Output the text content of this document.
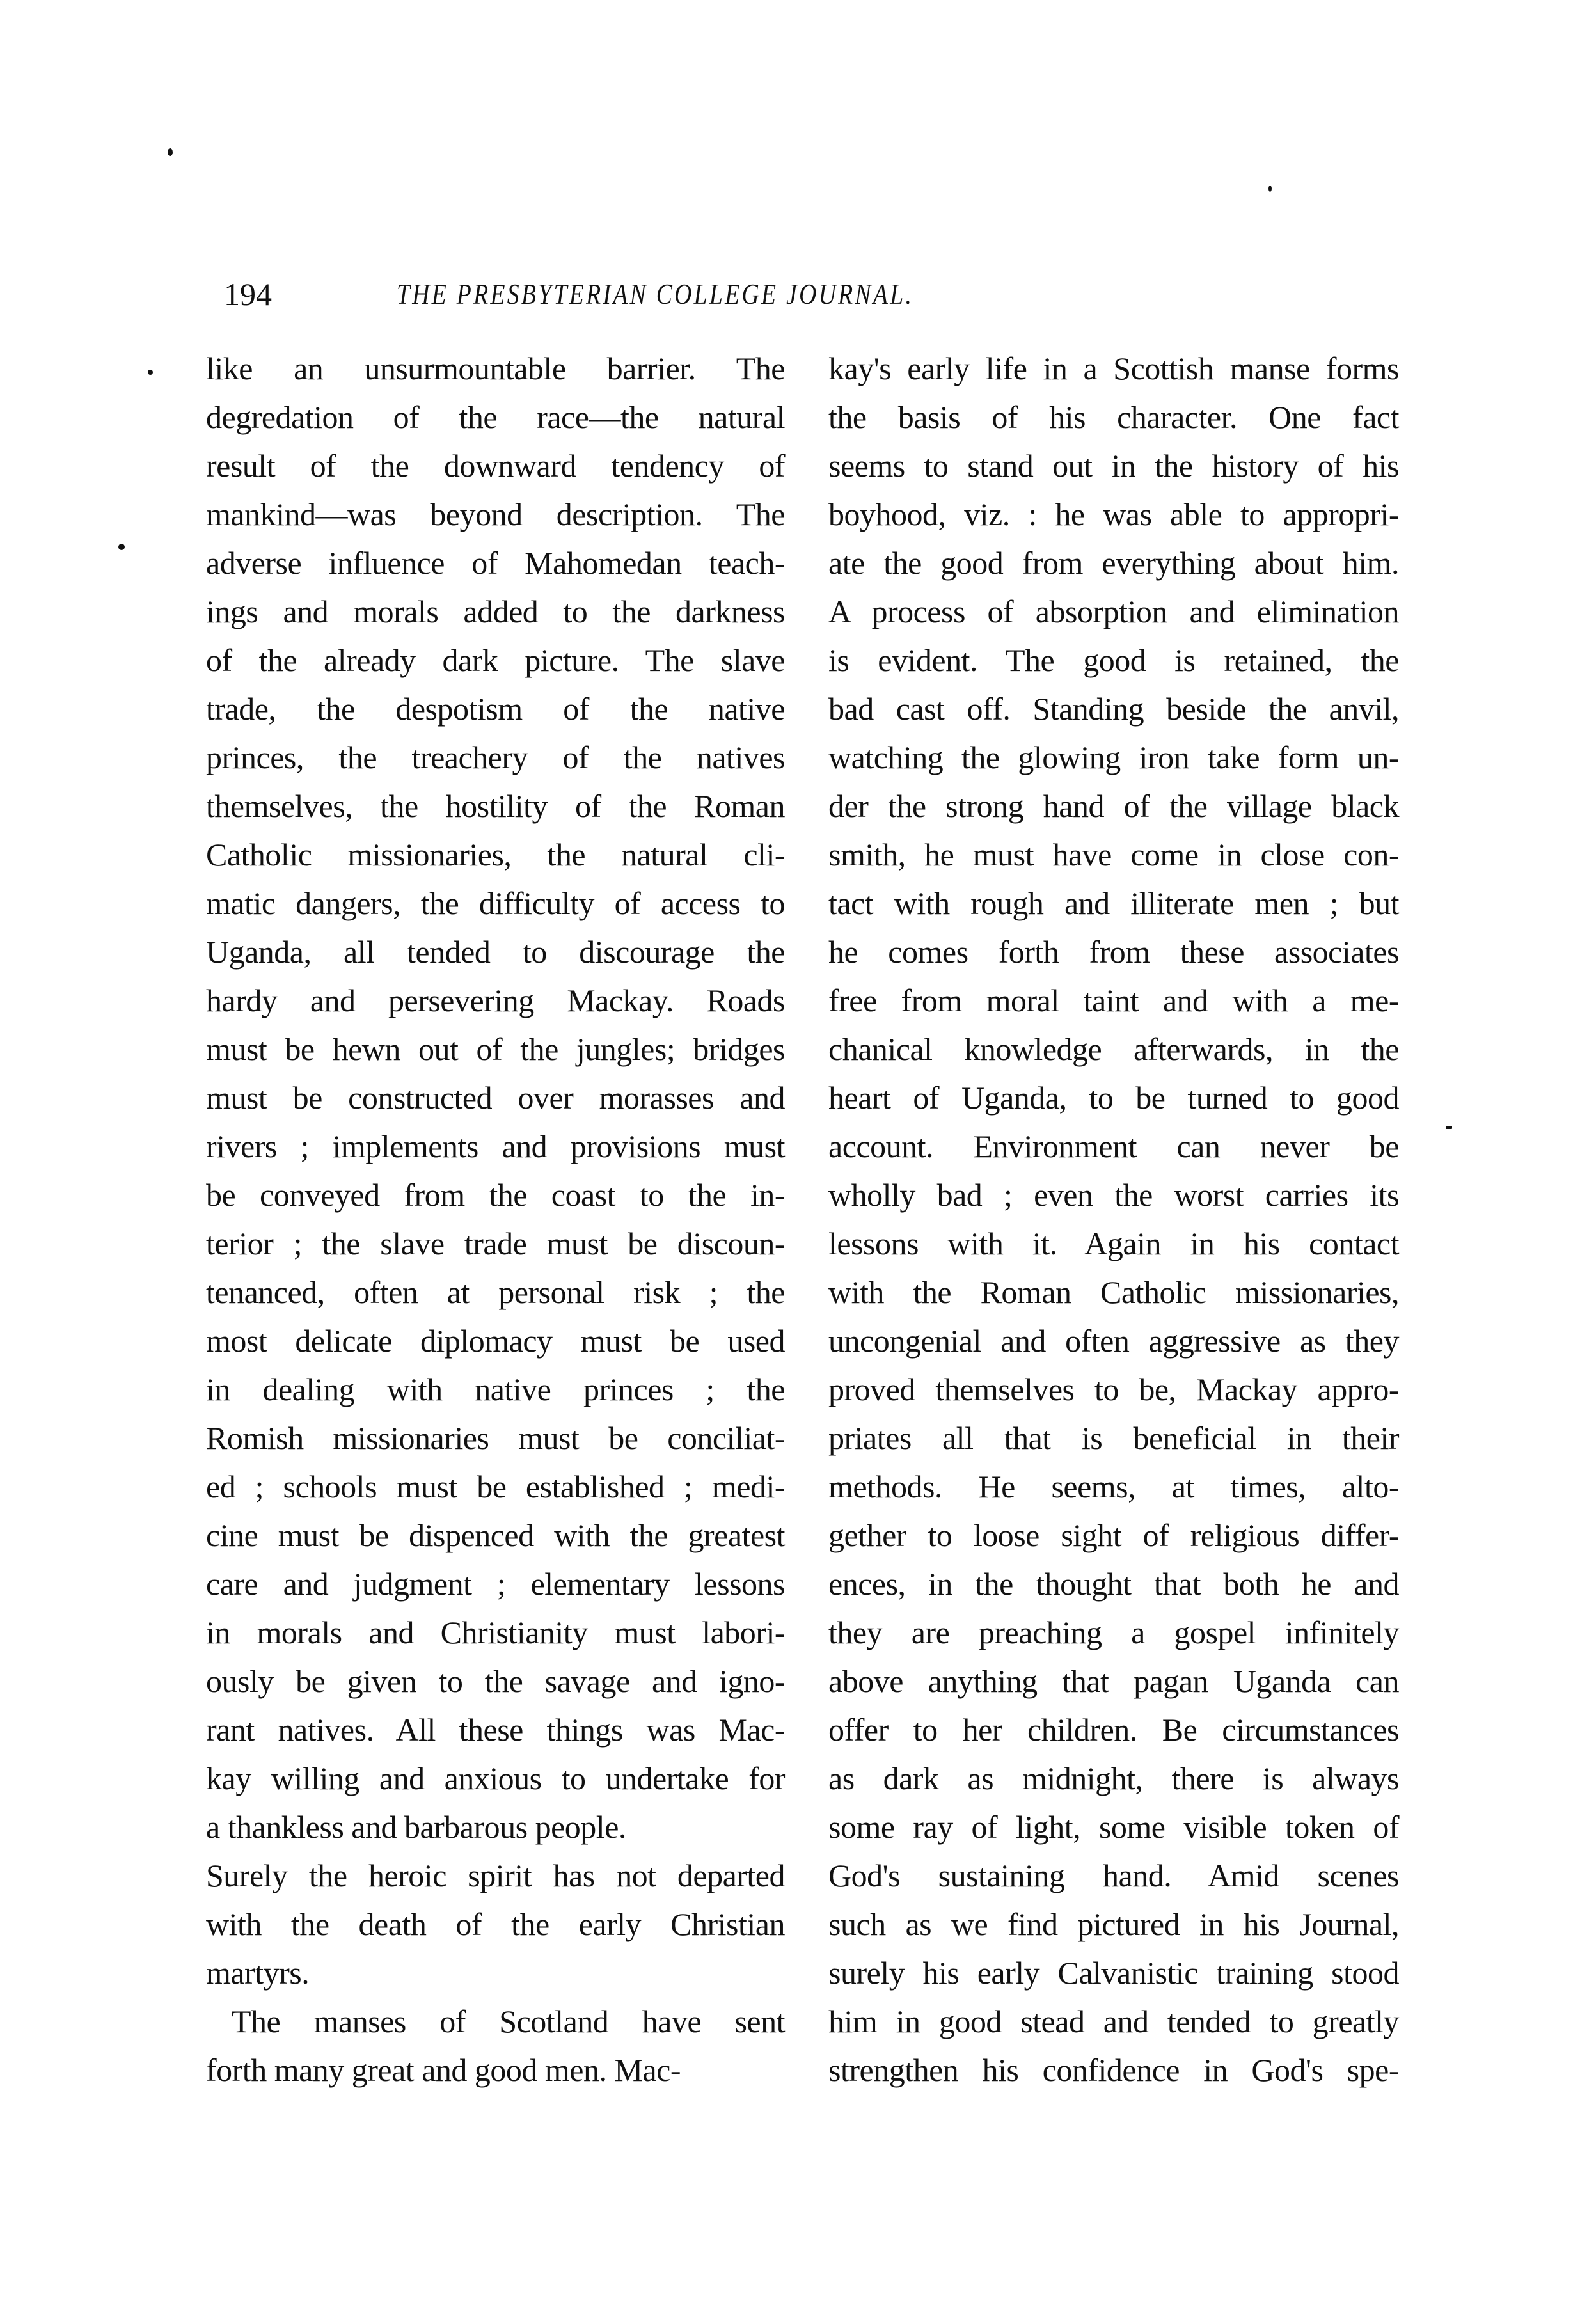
194	THE PRESBYTERIAN COLLEGE JOURNAL.
like an unsurmountable barrier. The
degredation of the race—the natural
result of the downward tendency of
mankind—was beyond description. The
adverse influence of Mahomedan teach-
ings and morals added to the darkness
of the already dark picture. The slave
trade, the despotism of the native
princes, the treachery of the natives
themselves, the hostility of the Roman
Catholic missionaries, the natural cli-
matic dangers, the difficulty of access to
Uganda, all tended to discourage the
hardy and persevering Mackay. Roads
must be hewn out of the jungles; bridges
must be constructed over morasses and
rivers ; implements and provisions must
be conveyed from the coast to the in-
terior ; the slave trade must be discoun-
tenanced, often at personal risk ; the
most delicate diplomacy must be used
in dealing with native princes ; the
Romish missionaries must be conciliat-
ed ; schools must be established ; medi-
cine must be dispenced with the greatest
care and judgment ; elementary lessons
in morals and Christianity must labori-
ously be given to the savage and igno-
rant natives. All these things was Mac-
kay willing and anxious to undertake for
a thankless and barbarous people.
Surely the heroic spirit has not departed
with the death of the early Christian
martyrs.
The manses of Scotland have sent
forth many great and good men. Mac-
kay's early life in a Scottish manse forms
the basis of his character. One fact
seems to stand out in the history of his
boyhood, viz. : he was able to appropri-
ate the good from everything about him.
A process of absorption and elimination
is evident. The good is retained, the
bad cast off. Standing beside the anvil,
watching the glowing iron take form un-
der the strong hand of the village black
smith, he must have come in close con-
tact with rough and illiterate men ; but
he comes forth from these associates
free from moral taint and with a me-
chanical knowledge afterwards, in the
heart of Uganda, to be turned to good
account. Environment can never be
wholly bad ; even the worst carries its
lessons with it. Again in his contact
with the Roman Catholic missionaries,
uncongenial and often aggressive as they
proved themselves to be, Mackay appro-
priates all that is beneficial in their
methods. He seems, at times, alto-
gether to loose sight of religious differ-
ences, in the thought that both he and
they are preaching a gospel infinitely
above anything that pagan Uganda can
offer to her children. Be circumstances
as dark as midnight, there is always
some ray of light, some visible token of
God's sustaining hand. Amid scenes
such as we find pictured in his Journal,
surely his early Calvanistic training stood
him in good stead and tended to greatly
strengthen his confidence in God's spe-
